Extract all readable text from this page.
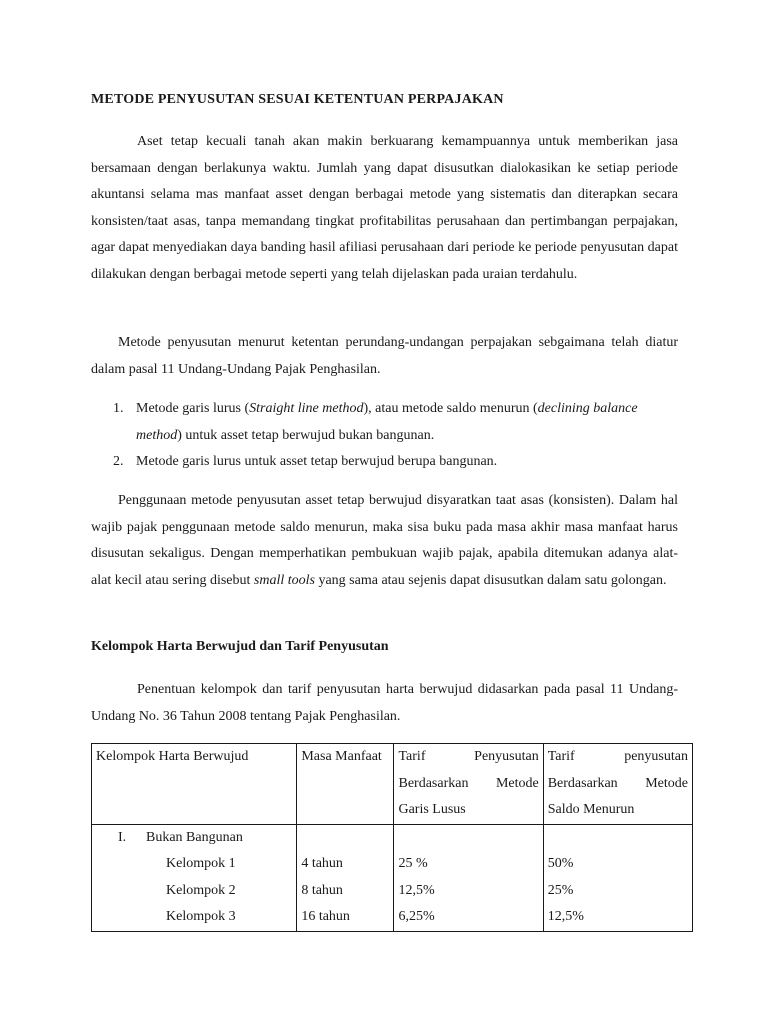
METODE PENYUSUTAN SESUAI KETENTUAN PERPAJAKAN

Aset tetap kecuali tanah akan makin berkuarang kemampuannya untuk memberikan jasa bersamaan dengan berlakunya waktu. Jumlah yang dapat disusutkan dialokasikan ke setiap periode akuntansi selama mas manfaat asset dengan berbagai metode yang sistematis dan diterapkan secara konsisten/taat asas, tanpa memandang tingkat profitabilitas perusahaan dan pertimbangan perpajakan, agar dapat menyediakan daya banding hasil afiliasi perusahaan dari periode ke periode penyusutan dapat dilakukan dengan berbagai metode seperti yang telah dijelaskan pada uraian terdahulu.

Metode penyusutan menurut ketentan perundang-undangan perpajakan sebgaimana telah diatur dalam pasal 11 Undang-Undang Pajak Penghasilan.

1. Metode garis lurus (Straight line method), atau metode saldo menurun (declining balance method) untuk asset tetap berwujud bukan bangunan.
2. Metode garis lurus untuk asset tetap berwujud berupa bangunan.

Penggunaan metode penyusutan asset tetap berwujud disyaratkan taat asas (konsisten). Dalam hal wajib pajak penggunaan metode saldo menurun, maka sisa buku pada masa akhir masa manfaat harus disusutan sekaligus. Dengan memperhatikan pembukuan wajib pajak, apabila ditemukan adanya alat-alat kecil atau sering disebut small tools yang sama atau sejenis dapat disusutkan dalam satu golongan.

Kelompok Harta Berwujud dan Tarif Penyusutan

Penentuan kelompok dan tarif penyusutan harta berwujud didasarkan pada pasal 11 Undang-Undang No. 36 Tahun 2008 tentang Pajak Penghasilan.

Kelompok Harta Berwujud	Masa Manfaat	Tarif Penyusutan Berdasarkan Metode Garis Lusus	Tarif penyusutan Berdasarkan Metode Saldo Menurun
I. Bukan Bangunan			
Kelompok 1	4 tahun	25 %	50%
Kelompok 2	8 tahun	12,5%	25%
Kelompok 3	16 tahun	6,25%	12,5%
